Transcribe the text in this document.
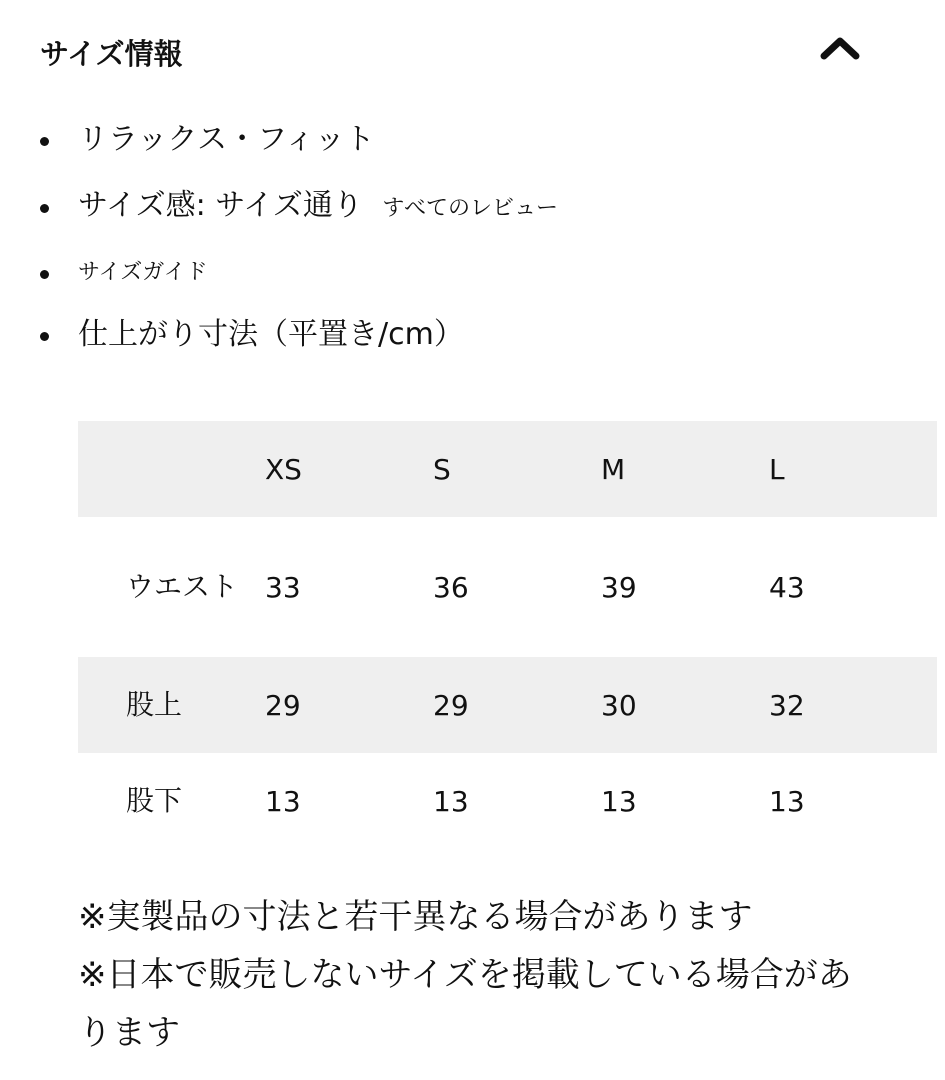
サイズ情報
リラックス・フィット
サイズ感: サイズ通り すべてのレビュー
サイズガイド
仕上がり寸法（平置き/cm）
	XS	S	M	L
ウエスト	33	36	39	43
股上	29	29	30	32
股下	13	13	13	13

※実製品の寸法と若干異なる場合があります

※日本で販売しないサイズを掲載している場合があります
